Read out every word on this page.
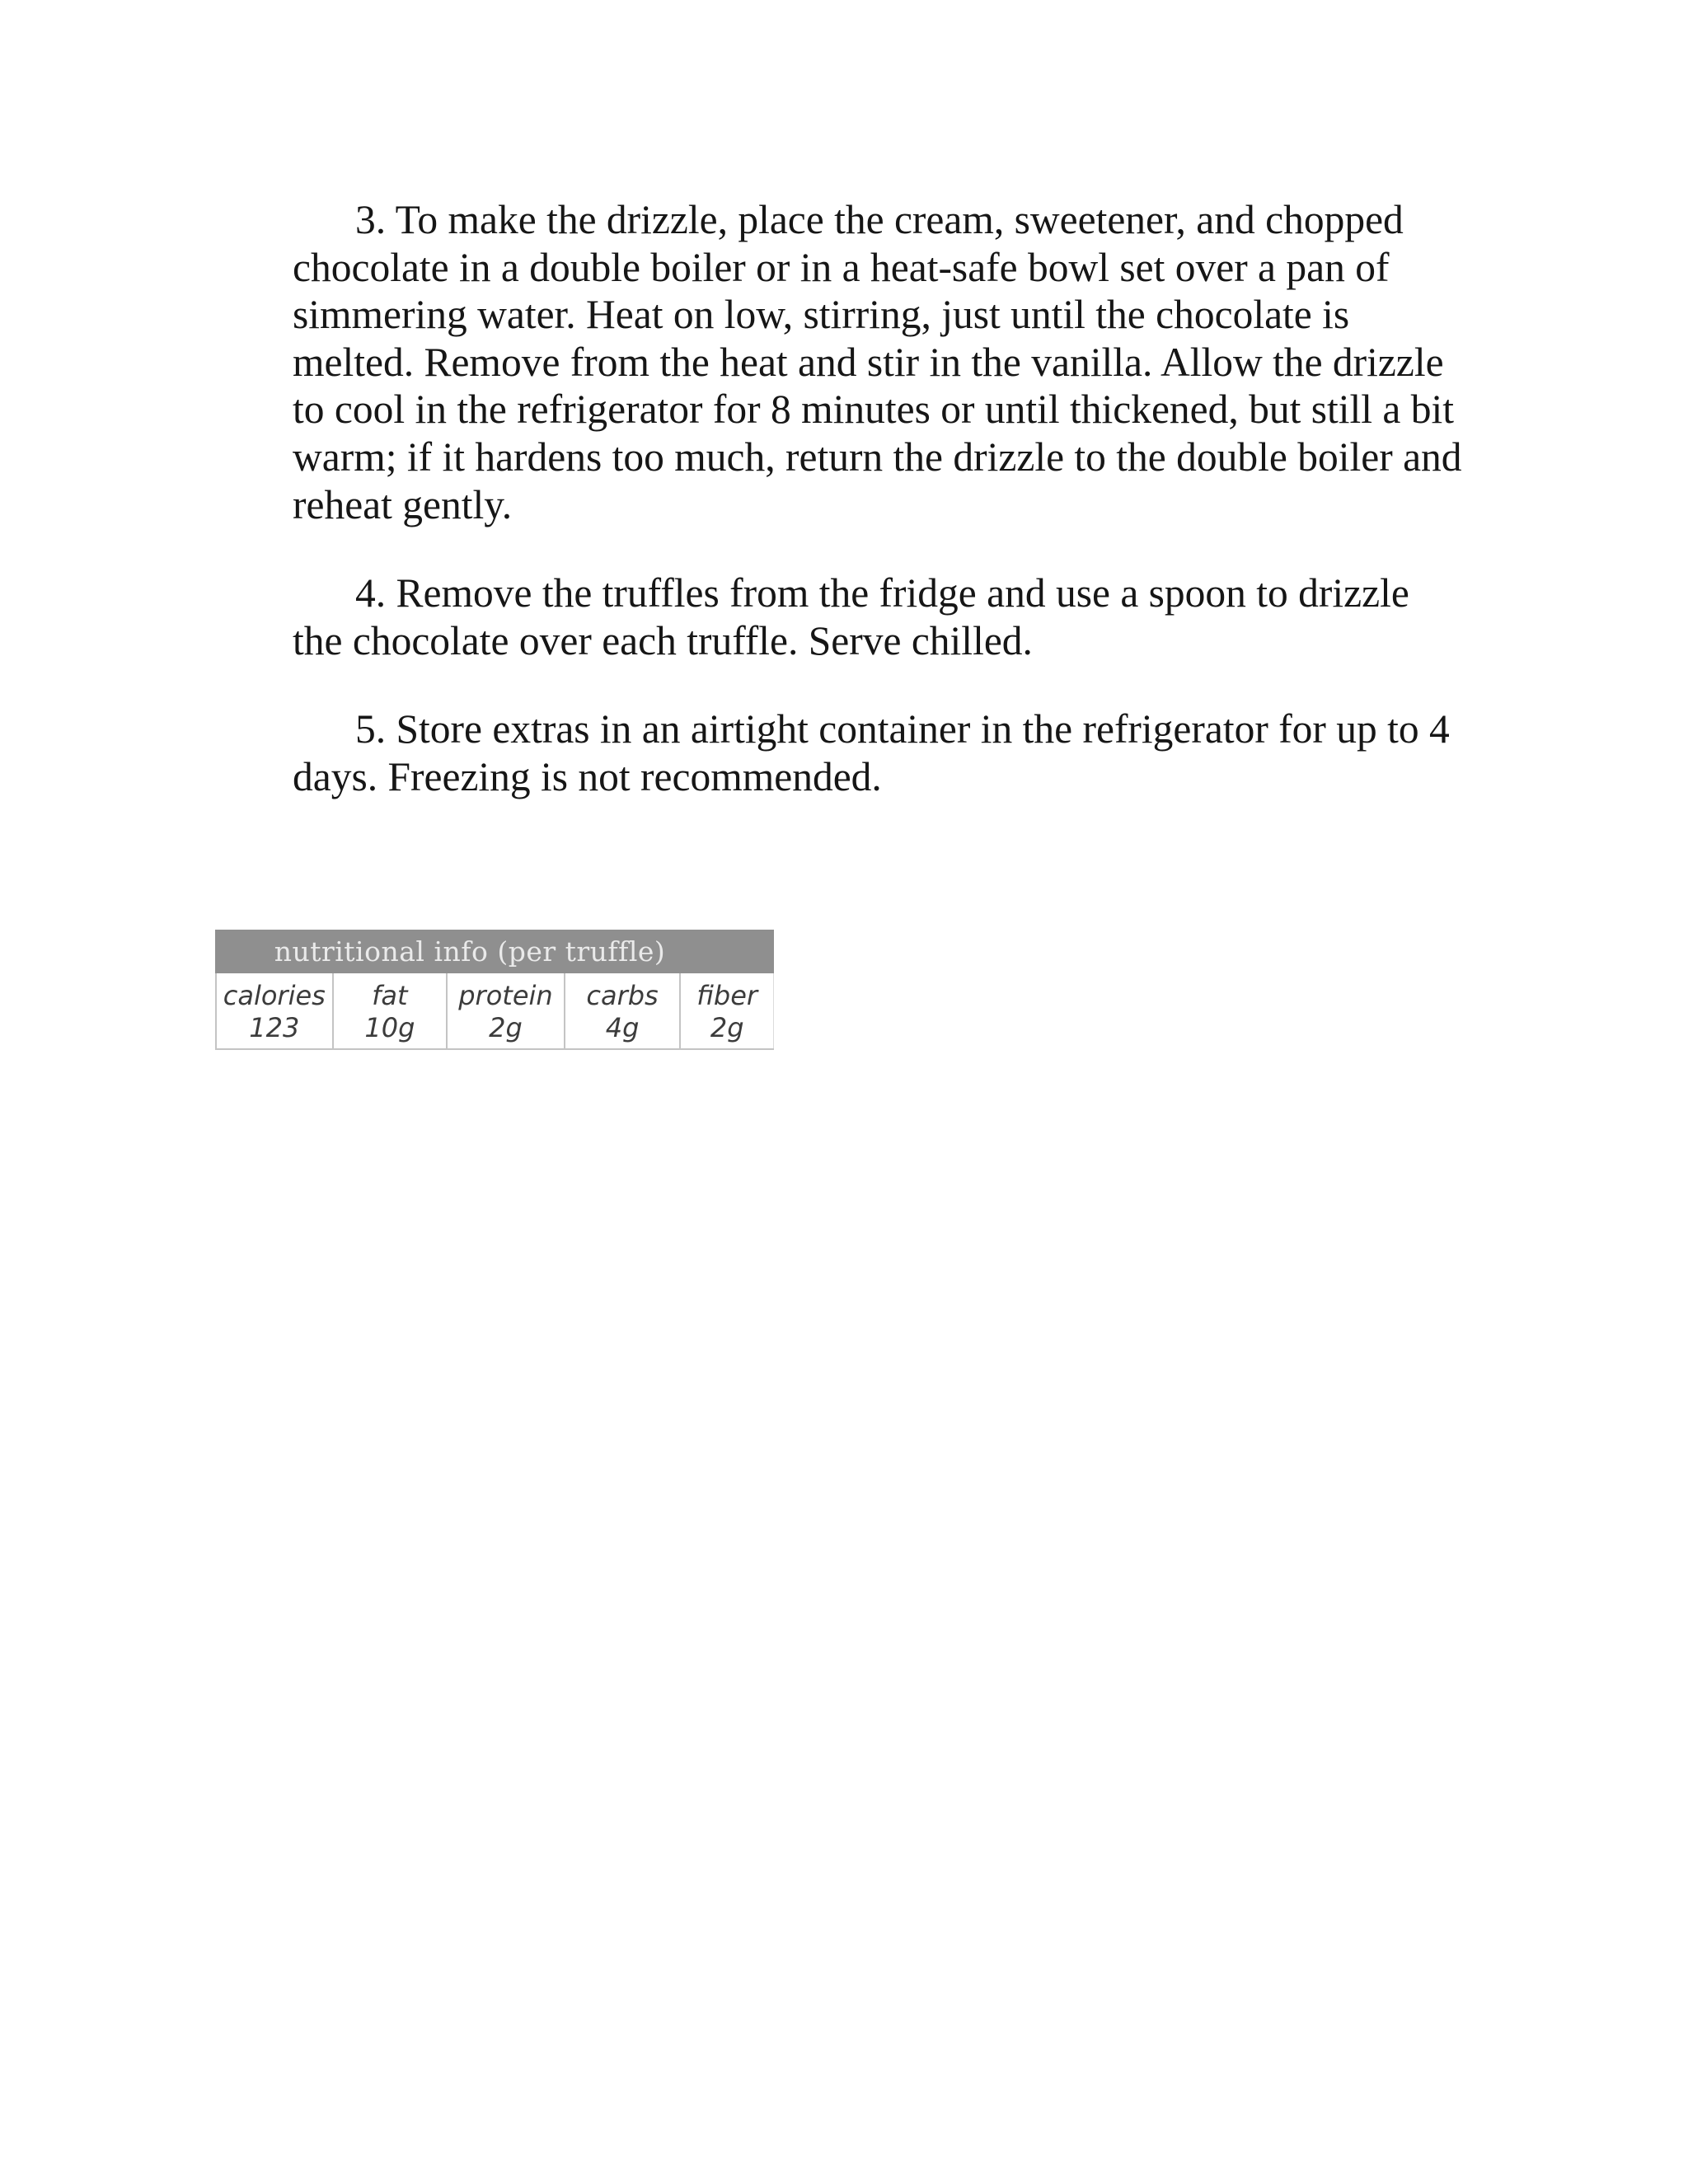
3. To make the drizzle, place the cream, sweetener, and chopped chocolate in a double boiler or in a heat-safe bowl set over a pan of simmering water. Heat on low, stirring, just until the chocolate is melted. Remove from the heat and stir in the vanilla. Allow the drizzle to cool in the refrigerator for 8 minutes or until thickened, but still a bit warm; if it hardens too much, return the drizzle to the double boiler and reheat gently.

4. Remove the truffles from the fridge and use a spoon to drizzle the chocolate over each truffle. Serve chilled.

5. Store extras in an airtight container in the refrigerator for up to 4 days. Freezing is not recommended.

nutritional info (per truffle)
calories
123
fat
10g
protein
2g
carbs
4g
fiber
2g
